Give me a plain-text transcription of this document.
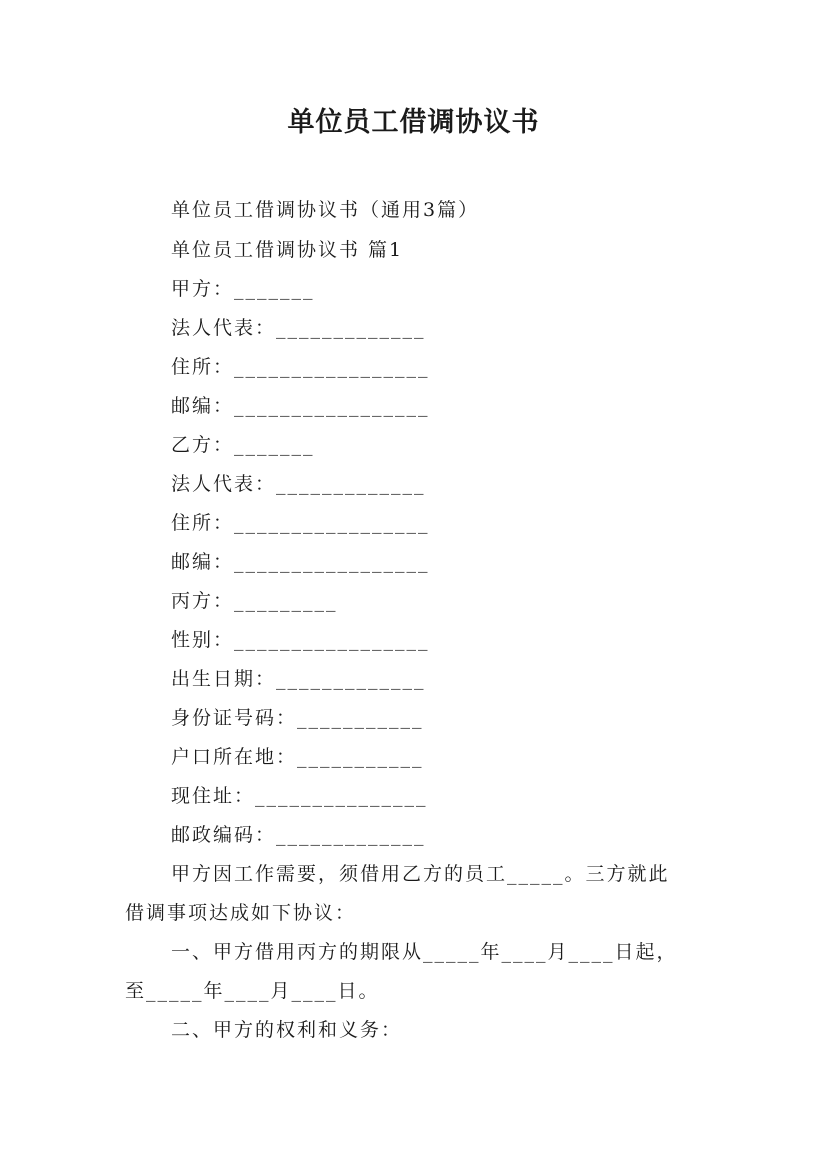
单位员工借调协议书

单位员工借调协议书（通用3篇）

单位员工借调协议书 篇1

甲方：_______

法人代表：_____________

住所：_________________

邮编：_________________

乙方：_______

法人代表：_____________

住所：_________________

邮编：_________________

丙方：_________

性别：_________________

出生日期：_____________

身份证号码：___________

户口所在地：___________

现住址：_______________

邮政编码：_____________

甲方因工作需要，须借用乙方的员工_____。三方就此

借调事项达成如下协议：

一、甲方借用丙方的期限从_____年____月____日起，

至_____年____月____日。

二、甲方的权利和义务：
